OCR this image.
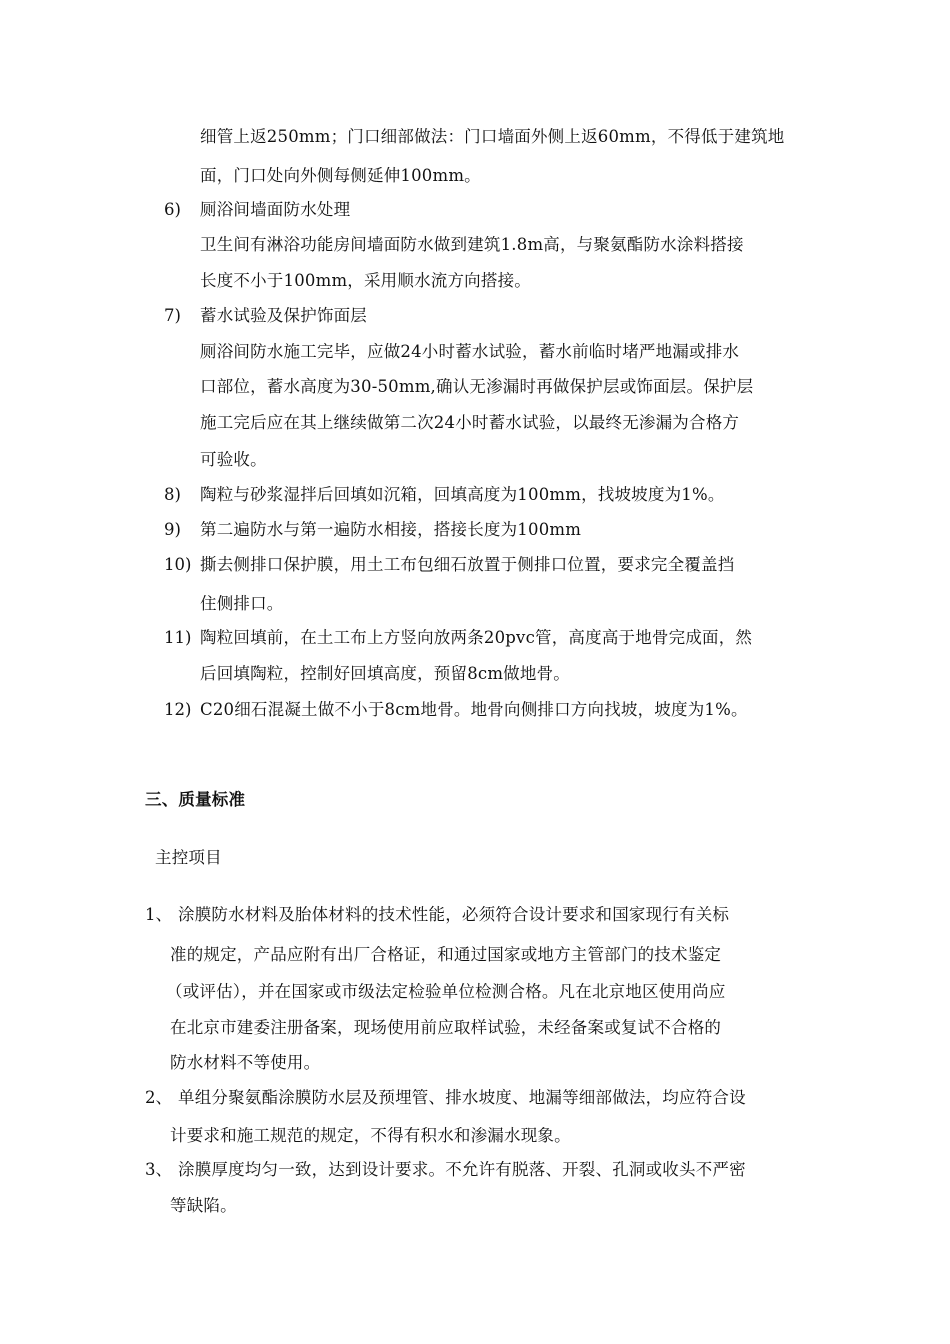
细管上返250mm；门口细部做法：门口墙面外侧上返60mm，不得低于建筑地
面，门口处向外侧每侧延伸100mm。
6) 厕浴间墙面防水处理
卫生间有淋浴功能房间墙面防水做到建筑1.8m高，与聚氨酯防水涂料搭接
长度不小于100mm，采用顺水流方向搭接。
7) 蓄水试验及保护饰面层
厕浴间防水施工完毕，应做24小时蓄水试验，蓄水前临时堵严地漏或排水
口部位，蓄水高度为30-50mm,确认无渗漏时再做保护层或饰面层。保护层
施工完后应在其上继续做第二次24小时蓄水试验，以最终无渗漏为合格方
可验收。
8) 陶粒与砂浆湿拌后回填如沉箱，回填高度为100mm，找坡坡度为1%。
9) 第二遍防水与第一遍防水相接，搭接长度为100mm
10) 撕去侧排口保护膜，用土工布包细石放置于侧排口位置，要求完全覆盖挡
住侧排口。
11) 陶粒回填前，在土工布上方竖向放两条20pvc管，高度高于地骨完成面，然
后回填陶粒，控制好回填高度，预留8cm做地骨。
12) C20细石混凝土做不小于8cm地骨。地骨向侧排口方向找坡，坡度为1%。
三、质量标准
主控项目
1、 涂膜防水材料及胎体材料的技术性能，必须符合设计要求和国家现行有关标
准的规定，产品应附有出厂合格证，和通过国家或地方主管部门的技术鉴定
（或评估），并在国家或市级法定检验单位检测合格。凡在北京地区使用尚应
在北京市建委注册备案，现场使用前应取样试验，未经备案或复试不合格的
防水材料不等使用。
2、 单组分聚氨酯涂膜防水层及预埋管、排水坡度、地漏等细部做法，均应符合设
计要求和施工规范的规定，不得有积水和渗漏水现象。
3、 涂膜厚度均匀一致，达到设计要求。不允许有脱落、开裂、孔洞或收头不严密
等缺陷。
